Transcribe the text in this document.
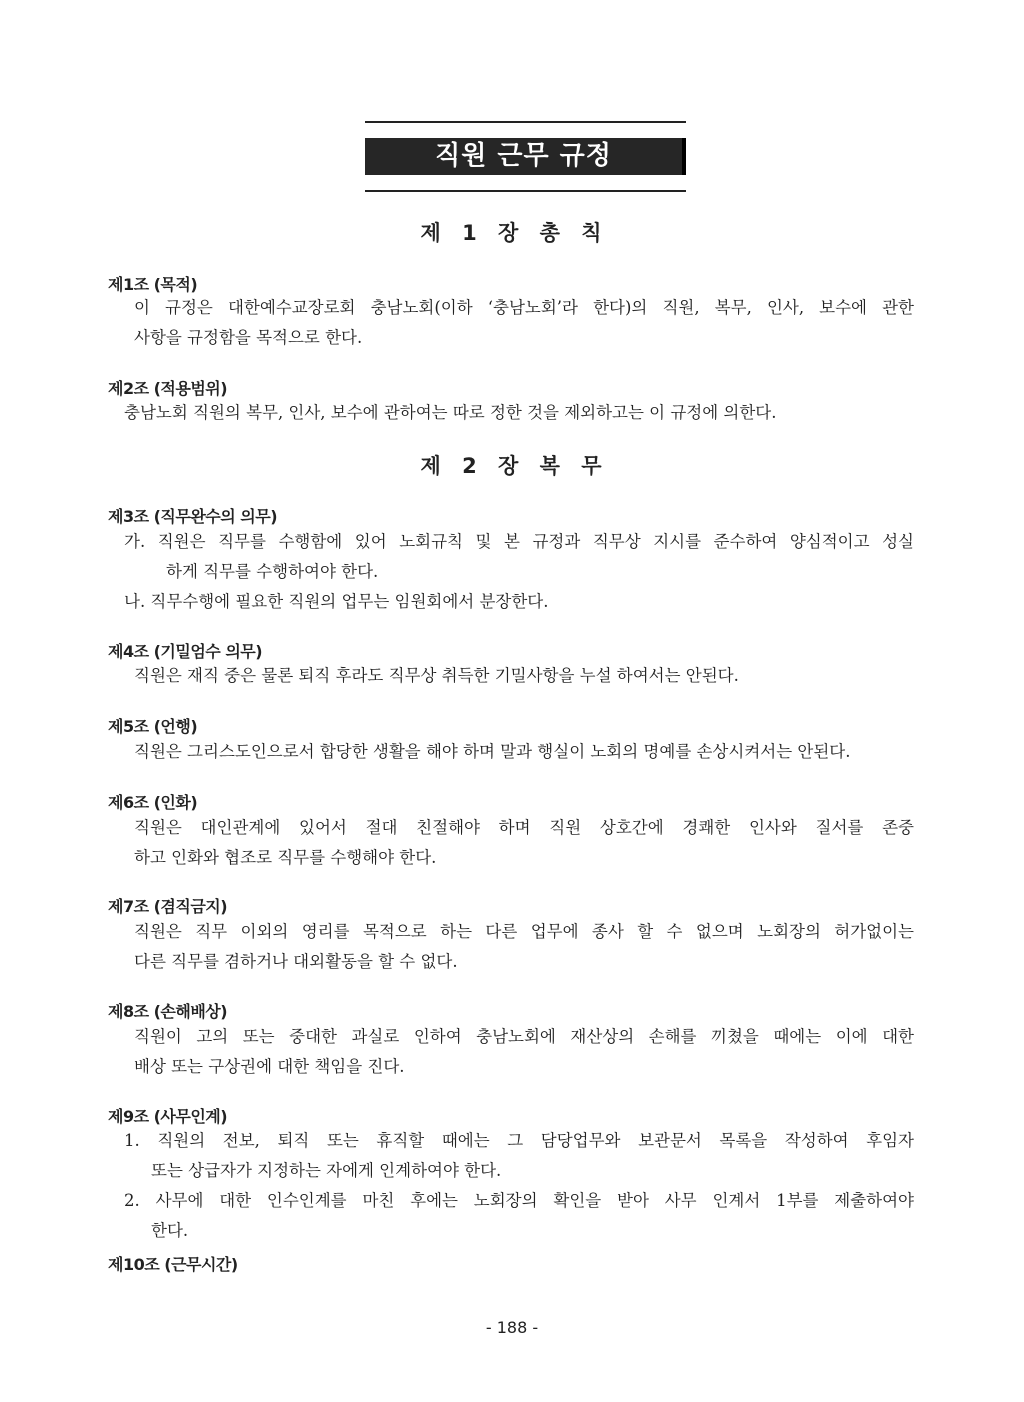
직원 근무 규정
제 1 장 총 칙
제1조 (목적)
이 규정은 대한예수교장로회 충남노회(이하 ‘충남노회’라 한다)의 직원, 복무, 인사, 보수에 관한
사항을 규정함을 목적으로 한다.
제2조 (적용범위)
충남노회 직원의 복무, 인사, 보수에 관하여는 따로 정한 것을 제외하고는 이 규정에 의한다.
제 2 장 복 무
제3조 (직무완수의 의무)
가. 직원은 직무를 수행함에 있어 노회규칙 및 본 규정과 직무상 지시를 준수하여 양심적이고 성실
하게 직무를 수행하여야 한다.
나. 직무수행에 필요한 직원의 업무는 임원회에서 분장한다.
제4조 (기밀엄수 의무)
직원은 재직 중은 물론 퇴직 후라도 직무상 취득한 기밀사항을 누설 하여서는 안된다.
제5조 (언행)
직원은 그리스도인으로서 합당한 생활을 해야 하며 말과 행실이 노회의 명예를 손상시켜서는 안된다.
제6조 (인화)
직원은 대인관계에 있어서 절대 친절해야 하며 직원 상호간에 경쾌한 인사와 질서를 존중
하고 인화와 협조로 직무를 수행해야 한다.
제7조 (겸직금지)
직원은 직무 이외의 영리를 목적으로 하는 다른 업무에 종사 할 수 없으며 노회장의 허가없이는
다른 직무를 겸하거나 대외활동을 할 수 없다.
제8조 (손해배상)
직원이 고의 또는 중대한 과실로 인하여 충남노회에 재산상의 손해를 끼쳤을 때에는 이에 대한
배상 또는 구상권에 대한 책임을 진다.
제9조 (사무인계)
1. 직원의 전보, 퇴직 또는 휴직할 때에는 그 담당업무와 보관문서 목록을 작성하여 후임자
또는 상급자가 지정하는 자에게 인계하여야 한다.
2. 사무에 대한 인수인계를 마친 후에는 노회장의 확인을 받아 사무 인계서 1부를 제출하여야
한다.
제10조 (근무시간)
- 188 -
